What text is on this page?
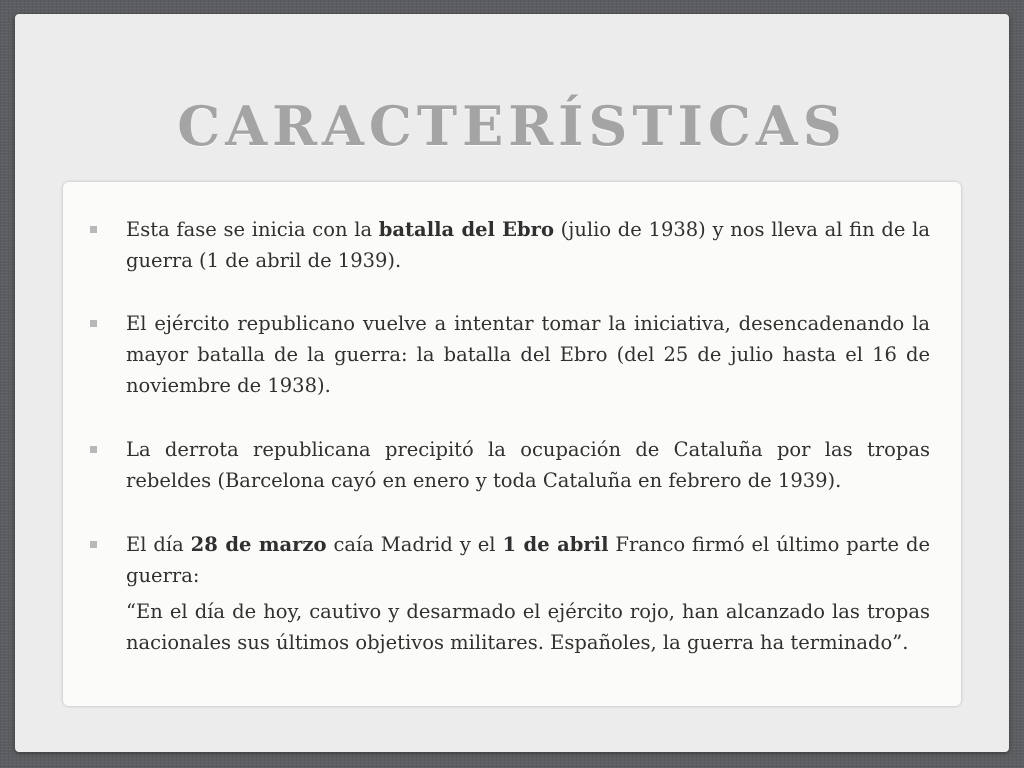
CARACTERÍSTICAS

Esta fase se inicia con la batalla del Ebro (julio de 1938) y nos lleva al fin de la guerra (1 de abril de 1939).

El ejército republicano vuelve a intentar tomar la iniciativa, desencadenando la mayor batalla de la guerra: la batalla del Ebro (del 25 de julio hasta el 16 de noviembre de 1938).

La derrota republicana precipitó la ocupación de Cataluña por las tropas rebeldes (Barcelona cayó en enero y toda Cataluña en febrero de 1939).

El día 28 de marzo caía Madrid y el 1 de abril Franco firmó el último parte de guerra:

“En el día de hoy, cautivo y desarmado el ejército rojo, han alcanzado las tropas nacionales sus últimos objetivos militares. Españoles, la guerra ha terminado”.
